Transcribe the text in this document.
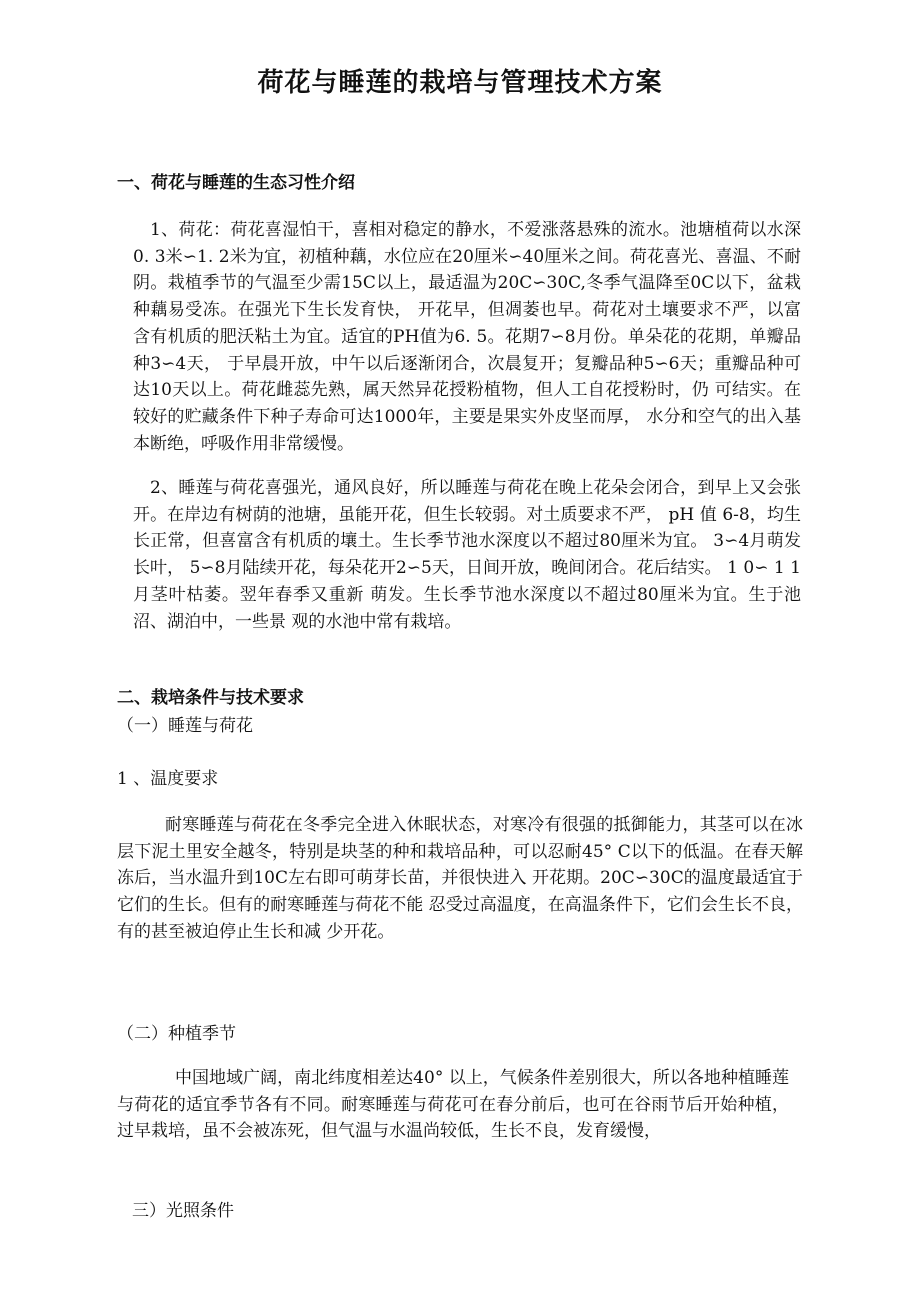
荷花与睡莲的栽培与管理技术方案
一、荷花与睡莲的生态习性介绍
1、荷花：荷花喜湿怕干，喜相对稳定的静水，不爱涨落悬殊的流水。池塘植荷以水深0. 3米∽1. 2米为宜，初植种藕，水位应在20厘米∽40厘米之间。荷花喜光、喜温、不耐阴。栽植季节的气温至少需15C以上，最适温为20C∽30C,冬季气温降至0C以下，盆栽种藕易受冻。在强光下生长发育快， 开花早，但凋萎也早。荷花对土壤要求不严，以富含有机质的肥沃粘土为宜。适宜的PH值为6. 5。花期7∽8月份。单朵花的花期，单瓣品种3∽4天， 于早晨开放，中午以后逐渐闭合，次晨复开；复瓣品种5∽6天；重瓣品种可 达10天以上。荷花雌蕊先熟，属天然异花授粉植物，但人工自花授粉时，仍 可结实。在较好的贮藏条件下种子寿命可达1000年，主要是果实外皮坚而厚， 水分和空气的出入基本断绝，呼吸作用非常缓慢。
2、睡莲与荷花喜强光，通风良好，所以睡莲与荷花在晚上花朵会闭合，到早上又会张开。在岸边有树荫的池塘，虽能开花，但生长较弱。对土质要求不严， pH 值 6-8，均生长正常，但喜富含有机质的壤土。生长季节池水深度以不超过80厘米为宜。 3∽4月萌发长叶， 5∽8月陆续开花，每朵花开2∽5天，日间开放，晚间闭合。花后结实。 1 0∽ 1 1月茎叶枯萎。翌年春季又重新 萌发。生长季节池水深度以不超过80厘米为宜。生于池沼、湖泊中，一些景 观的水池中常有栽培。
二、栽培条件与技术要求
（一）睡莲与荷花
1 、温度要求
耐寒睡莲与荷花在冬季完全进入休眠状态，对寒冷有很强的抵御能力，其茎可以在冰层下泥土里安全越冬，特别是块茎的种和栽培品种，可以忍耐45° C以下的低温。在春天解冻后，当水温升到10C左右即可萌芽长苗，并很快进入 开花期。20C∽30C的温度最适宜于它们的生长。但有的耐寒睡莲与荷花不能 忍受过高温度，在高温条件下，它们会生长不良，有的甚至被迫停止生长和减 少开花。
（二）种植季节
中国地域广阔，南北纬度相差达40° 以上，气候条件差别很大，所以各地种植睡莲与荷花的适宜季节各有不同。耐寒睡莲与荷花可在春分前后，也可在谷雨节后开始种植，过早栽培，虽不会被冻死，但气温与水温尚较低，生长不良，发育缓慢，
三）光照条件
